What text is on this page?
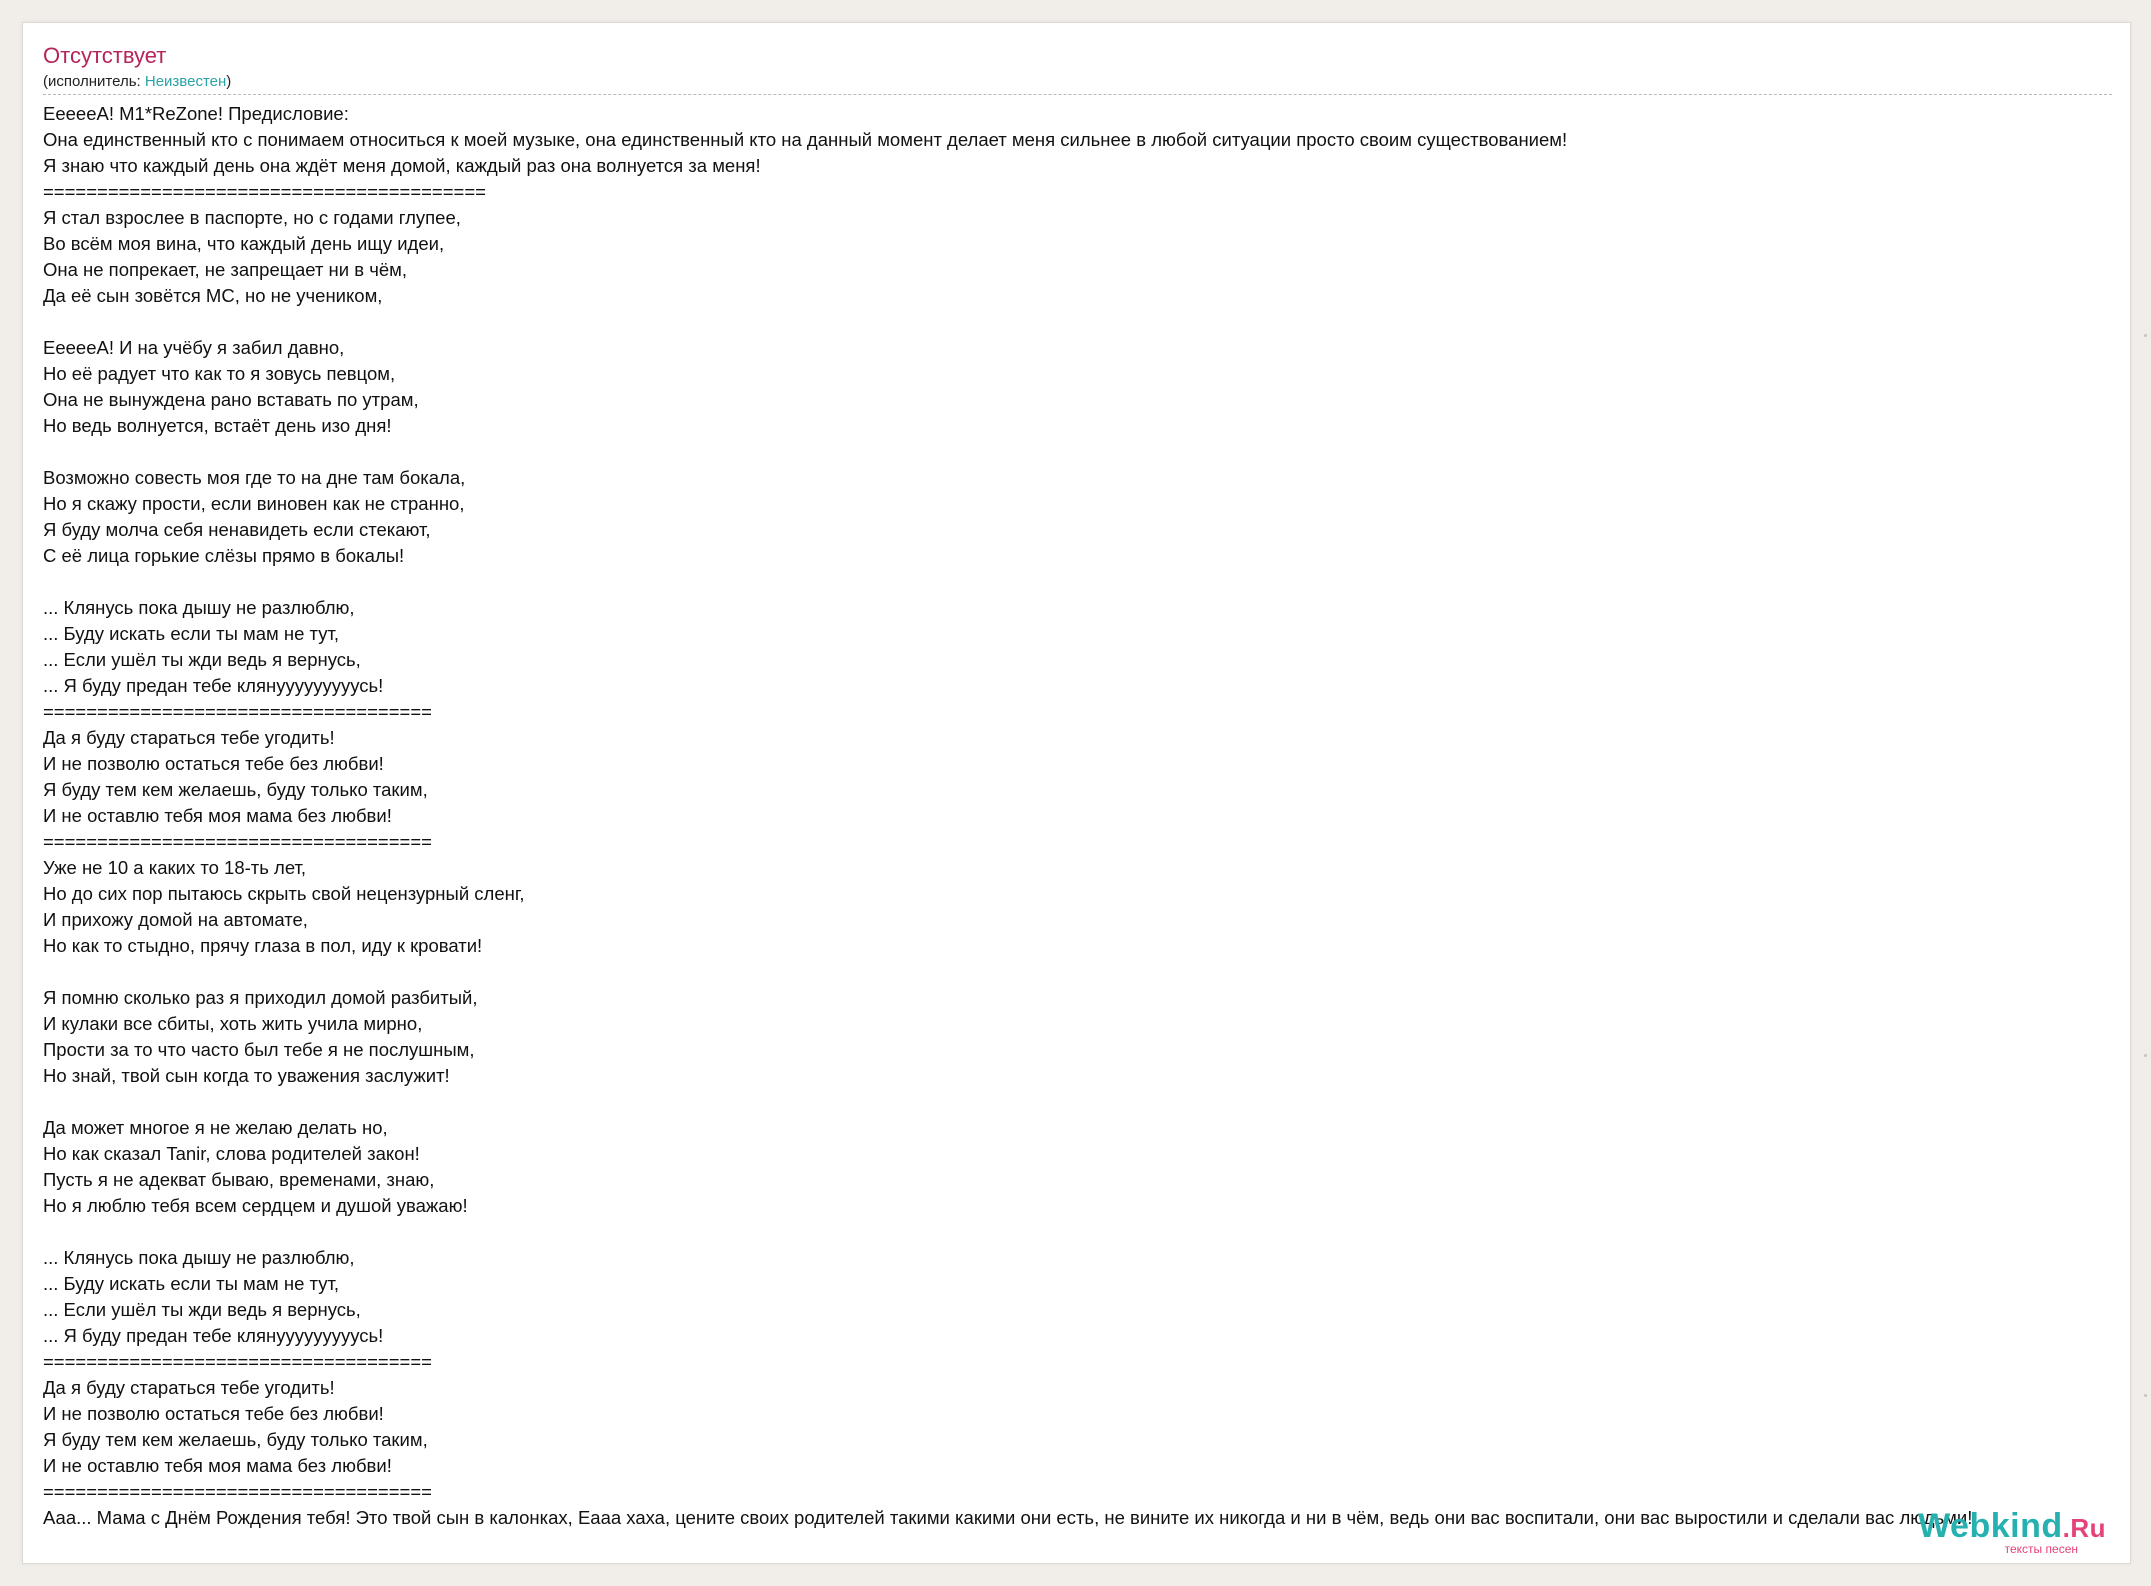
Отсутствует
(исполнитель: Неизвестен)
ЕееееА! M1*ReZone! Предисловие:
Она единственный кто с понимаем относиться к моей музыке, она единственный кто на данный момент делает меня сильнее в любой ситуации просто своим существованием!
Я знаю что каждый день она ждёт меня домой, каждый раз она волнуется за меня!
=========================================
Я стал взрослее в паспорте, но с годами глупее,
Во всём моя вина, что каждый день ищу идеи,
Она не попрекает, не запрещает ни в чём,
Да её сын зовётся МС, но не учеником,

ЕееееА! И на учёбу я забил давно,
Но её радует что как то я зовусь певцом,
Она не вынуждена рано вставать по утрам,
Но ведь волнуется, встаёт день изо дня!

Возможно совесть моя где то на дне там бокала,
Но я скажу прости, если виновен как не странно,
Я буду молча себя ненавидеть если стекают,
С её лица горькие слёзы прямо в бокалы!

... Клянусь пока дышу не разлюблю,
... Буду искать если ты мам не тут,
... Если ушёл ты жди ведь я вернусь,
... Я буду предан тебе клянууууууууусь!
====================================
Да я буду стараться тебе угодить!
И не позволю остаться тебе без любви!
Я буду тем кем желаешь, буду только таким,
И не оставлю тебя моя мама без любви!
====================================
Уже не 10 а каких то 18-ть лет,
Но до сих пор пытаюсь скрыть свой нецензурный сленг,
И прихожу домой на автомате,
Но как то стыдно, прячу глаза в пол, иду к кровати!

Я помню сколько раз я приходил домой разбитый,
И кулаки все сбиты, хоть жить учила мирно,
Прости за то что часто был тебе я не послушным,
Но знай, твой сын когда то уважения заслужит!

Да может многое я не желаю делать но,
Но как сказал Tanir, слова родителей закон!
Пусть я не адекват бываю, временами, знаю,
Но я люблю тебя всем сердцем и душой уважаю!

... Клянусь пока дышу не разлюблю,
... Буду искать если ты мам не тут,
... Если ушёл ты жди ведь я вернусь,
... Я буду предан тебе клянууууууууусь!
====================================
Да я буду стараться тебе угодить!
И не позволю остаться тебе без любви!
Я буду тем кем желаешь, буду только таким,
И не оставлю тебя моя мама без любви!
====================================
Ааа... Мама с Днём Рождения тебя! Это твой сын в калонках, Еааа хаха, цените своих родителей такими какими они есть, не вините их никогда и ни в чём, ведь они вас воспитали, они вас выростили и сделали вас людьми!
Webkind.Ru
тексты песен
